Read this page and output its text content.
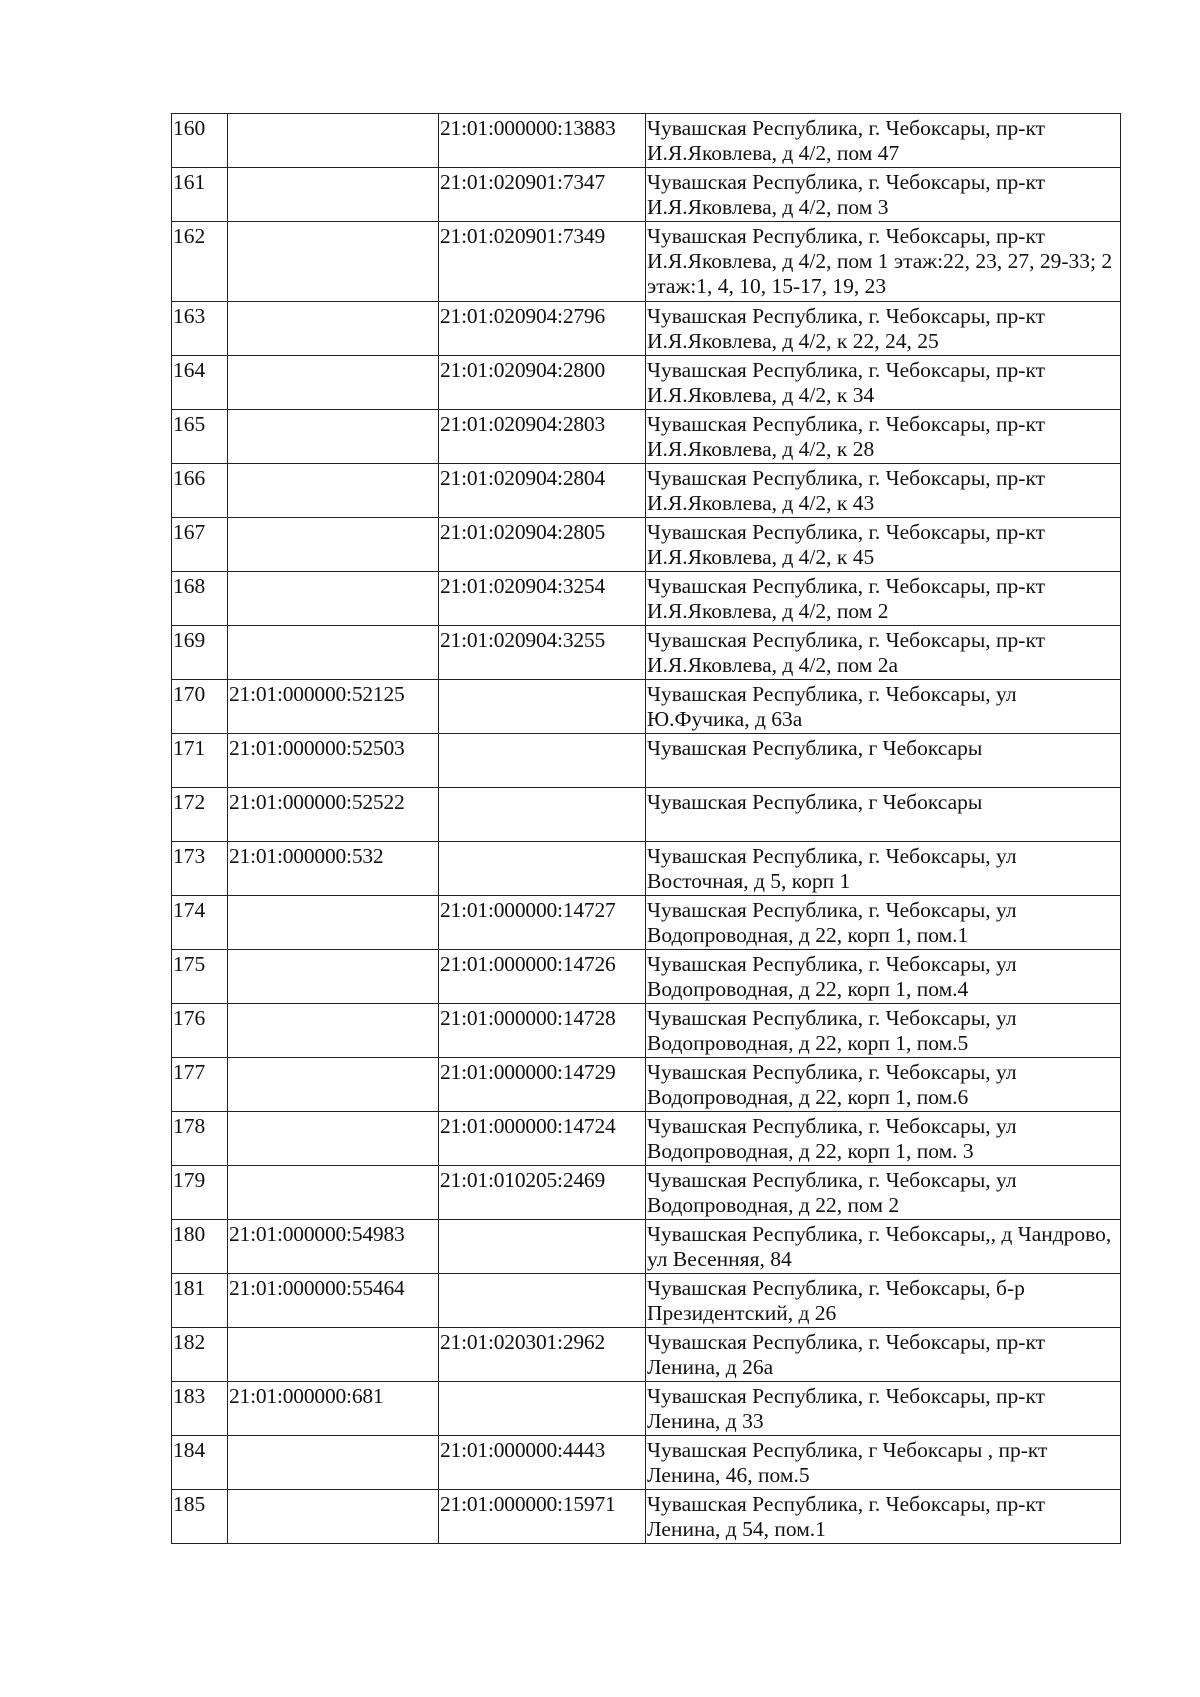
160		21:01:000000:13883	Чувашская Республика, г. Чебоксары, пр-кт И.Я.Яковлева, д 4/2, пом 47
161		21:01:020901:7347	Чувашская Республика, г. Чебоксары, пр-кт И.Я.Яковлева, д 4/2, пом 3
162		21:01:020901:7349	Чувашская Республика, г. Чебоксары, пр-кт И.Я.Яковлева, д 4/2, пом 1 этаж:22, 23, 27, 29-33; 2 этаж:1, 4, 10, 15-17, 19, 23
163		21:01:020904:2796	Чувашская Республика, г. Чебоксары, пр-кт И.Я.Яковлева, д 4/2, к 22, 24, 25
164		21:01:020904:2800	Чувашская Республика, г. Чебоксары, пр-кт И.Я.Яковлева, д 4/2, к 34
165		21:01:020904:2803	Чувашская Республика, г. Чебоксары, пр-кт И.Я.Яковлева, д 4/2, к 28
166		21:01:020904:2804	Чувашская Республика, г. Чебоксары, пр-кт И.Я.Яковлева, д 4/2, к 43
167		21:01:020904:2805	Чувашская Республика, г. Чебоксары, пр-кт И.Я.Яковлева, д 4/2, к 45
168		21:01:020904:3254	Чувашская Республика, г. Чебоксары, пр-кт И.Я.Яковлева, д 4/2, пом 2
169		21:01:020904:3255	Чувашская Республика, г. Чебоксары, пр-кт И.Я.Яковлева, д 4/2, пом 2а
170	21:01:000000:52125		Чувашская Республика, г. Чебоксары, ул Ю.Фучика, д 63а
171	21:01:000000:52503		Чувашская Республика, г Чебоксары
172	21:01:000000:52522		Чувашская Республика, г Чебоксары
173	21:01:000000:532		Чувашская Республика, г. Чебоксары, ул Восточная, д 5, корп 1
174		21:01:000000:14727	Чувашская Республика, г. Чебоксары, ул Водопроводная, д 22, корп 1, пом.1
175		21:01:000000:14726	Чувашская Республика, г. Чебоксары, ул Водопроводная, д 22, корп 1, пом.4
176		21:01:000000:14728	Чувашская Республика, г. Чебоксары, ул Водопроводная, д 22, корп 1, пом.5
177		21:01:000000:14729	Чувашская Республика, г. Чебоксары, ул Водопроводная, д 22, корп 1, пом.6
178		21:01:000000:14724	Чувашская Республика, г. Чебоксары, ул Водопроводная, д 22, корп 1, пом. 3
179		21:01:010205:2469	Чувашская Республика, г. Чебоксары, ул Водопроводная, д 22, пом 2
180	21:01:000000:54983		Чувашская Республика, г. Чебоксары,, д Чандрово, ул Весенняя, 84
181	21:01:000000:55464		Чувашская Республика, г. Чебоксары, б-р Президентский, д 26
182		21:01:020301:2962	Чувашская Республика, г. Чебоксары, пр-кт Ленина, д 26а
183	21:01:000000:681		Чувашская Республика, г. Чебоксары, пр-кт Ленина, д 33
184		21:01:000000:4443	Чувашская Республика, г Чебоксары , пр-кт Ленина, 46, пом.5
185		21:01:000000:15971	Чувашская Республика, г. Чебоксары, пр-кт Ленина, д 54, пом.1
